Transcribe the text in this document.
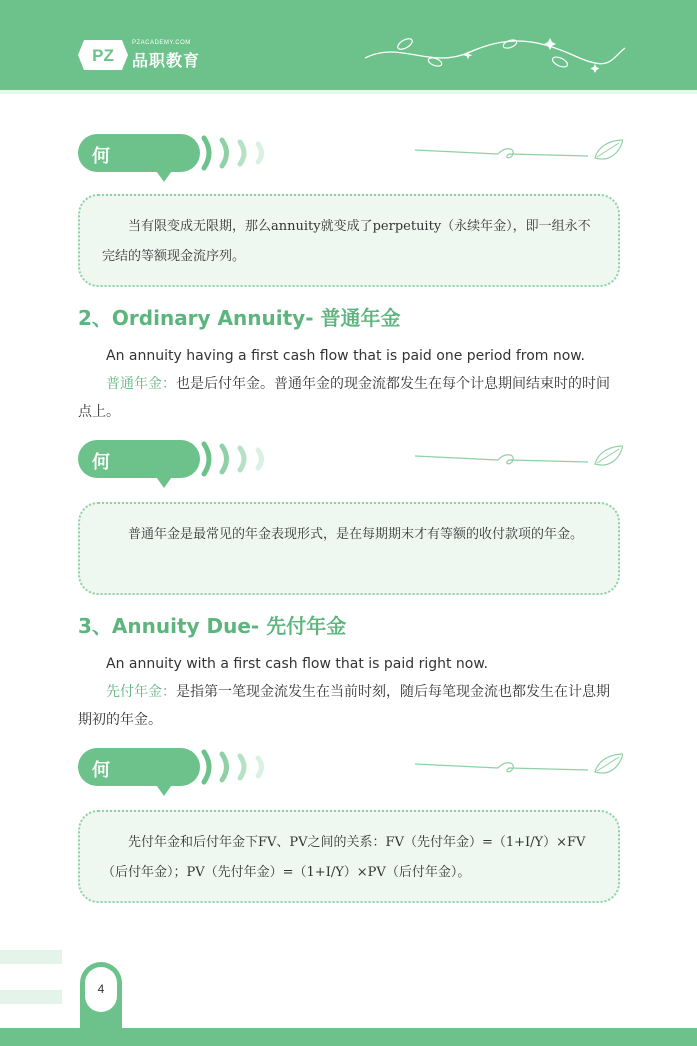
PZ
PZACADEMY.COM
品职教育
何老

当有限变成无限期，那么annuity就变成了perpetuity（永续年金），即一组永不完结的等额现金流序列。

2、Ordinary Annuity- 普通年金

An annuity having a first cash flow that is paid one period from now.

普通年金：也是后付年金。普通年金的现金流都发生在每个计息期间结束时的时间点上。

何老

普通年金是最常见的年金表现形式，是在每期期末才有等额的收付款项的年金。

3、Annuity Due- 先付年金

An annuity with a first cash flow that is paid right now.

先付年金：是指第一笔现金流发生在当前时刻，随后每笔现金流也都发生在计息期期初的年金。

何老

先付年金和后付年金下FV、PV之间的关系：FV（先付年金）=（1+I/Y）×FV（后付年金）；PV（先付年金）=（1+I/Y）×PV（后付年金）。

4
